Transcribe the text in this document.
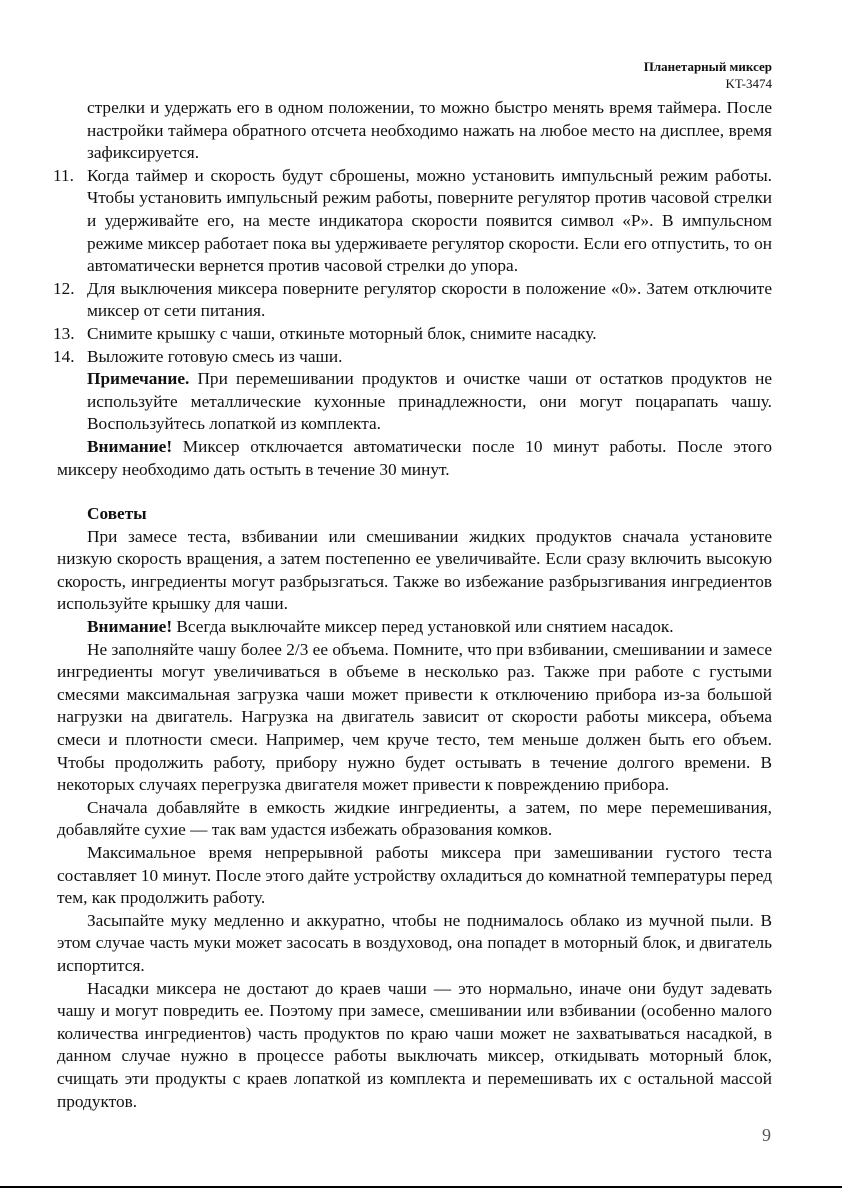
Планетарный миксер
KT-3474

стрелки и удержать его в одном положении, то можно быстро менять время таймера. После настройки таймера обратного отсчета необходимо нажать на любое место на дисплее, время зафиксируется.

11. Когда таймер и скорость будут сброшены, можно установить импульсный режим работы. Чтобы установить импульсный режим работы, поверните регулятор против часовой стрелки и удерживайте его, на месте индикатора скорости появится символ «P». В импульсном режиме миксер работает пока вы удерживаете регулятор скорости. Если его отпустить, то он автоматически вернется против часовой стрелки до упора.
12. Для выключения миксера поверните регулятор скорости в положение «0». Затем отключите миксер от сети питания.
13. Снимите крышку с чаши, откиньте моторный блок, снимите насадку.
14. Выложите готовую смесь из чаши.

Примечание. При перемешивании продуктов и очистке чаши от остатков продуктов не используйте металлические кухонные принадлежности, они могут поцарапать чашу. Воспользуйтесь лопаткой из комплекта.

Внимание! Миксер отключается автоматически после 10 минут работы. После этого миксеру необходимо дать остыть в течение 30 минут.

Советы

При замесе теста, взбивании или смешивании жидких продуктов сначала установите низкую скорость вращения, а затем постепенно ее увеличивайте. Если сразу включить высокую скорость, ингредиенты могут разбрызгаться. Также во избежание разбрызгивания ингредиентов используйте крышку для чаши.

Внимание! Всегда выключайте миксер перед установкой или снятием насадок.

Не заполняйте чашу более 2/3 ее объема. Помните, что при взбивании, смешивании и замесе ингредиенты могут увеличиваться в объеме в несколько раз. Также при работе с густыми смесями максимальная загрузка чаши может привести к отключению прибора из-за большой нагрузки на двигатель. Нагрузка на двигатель зависит от скорости работы миксера, объема смеси и плотности смеси. Например, чем круче тесто, тем меньше должен быть его объем. Чтобы продолжить работу, прибору нужно будет остывать в течение долгого времени. В некоторых случаях перегрузка двигателя может привести к повреждению прибора.

Сначала добавляйте в емкость жидкие ингредиенты, а затем, по мере перемешивания, добавляйте сухие — так вам удастся избежать образования комков.

Максимальное время непрерывной работы миксера при замешивании густого теста составляет 10 минут. После этого дайте устройству охладиться до комнатной температуры перед тем, как продолжить работу.

Засыпайте муку медленно и аккуратно, чтобы не поднималось облако из мучной пыли. В этом случае часть муки может засосать в воздуховод, она попадет в моторный блок, и двигатель испортится.

Насадки миксера не достают до краев чаши — это нормально, иначе они будут задевать чашу и могут повредить ее. Поэтому при замесе, смешивании или взбивании (особенно малого количества ингредиентов) часть продуктов по краю чаши может не захватываться насадкой, в данном случае нужно в процессе работы выключать миксер, откидывать моторный блок, счищать эти продукты с краев лопаткой из комплекта и перемешивать их с остальной массой продуктов.

9
